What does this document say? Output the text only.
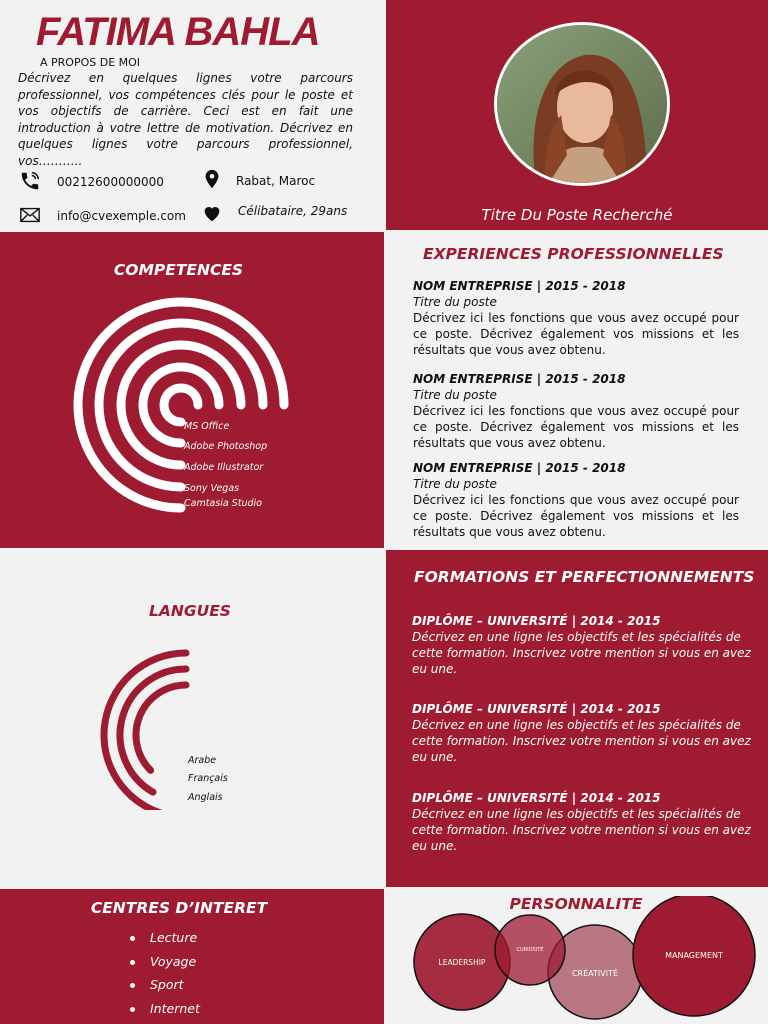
FATIMA BAHLA
A PROPOS DE MOI
Décrivez en quelques lignes votre parcours professionnel, vos compétences clés pour le poste et vos objectifs de carrière. Ceci est en fait une introduction à votre lettre de motivation. Décrivez en quelques lignes votre parcours professionnel, vos………..
00212600000000	Rabat, Maroc
info@cvexemple.com	Célibataire, 29ans	Titre Du Poste Recherché
COMPETENCES
MS Office
Adobe Photoshop
Adobe Illustrator
Sony Vegas
Camtasia Studio
EXPERIENCES PROFESSIONNELLES
NOM ENTREPRISE | 2015 - 2018
Titre du poste
Décrivez ici les fonctions que vous avez occupé pour ce poste. Décrivez également vos missions et les résultats que vous avez obtenu.
NOM ENTREPRISE | 2015 - 2018
Titre du poste
Décrivez ici les fonctions que vous avez occupé pour ce poste. Décrivez également vos missions et les résultats que vous avez obtenu.
NOM ENTREPRISE | 2015 - 2018
Titre du poste
Décrivez ici les fonctions que vous avez occupé pour ce poste. Décrivez également vos missions et les résultats que vous avez obtenu.
LANGUES
Arabe
Français
Anglais
FORMATIONS ET PERFECTIONNEMENTS
DIPLÔME – UNIVERSITÉ | 2014 - 2015
Décrivez en une ligne les objectifs et les spécialités de cette formation. Inscrivez votre mention si vous en avez eu une.
DIPLÔME – UNIVERSITÉ | 2014 - 2015
Décrivez en une ligne les objectifs et les spécialités de cette formation. Inscrivez votre mention si vous en avez eu une.
DIPLÔME – UNIVERSITÉ | 2014 - 2015
Décrivez en une ligne les objectifs et les spécialités de cette formation. Inscrivez votre mention si vous en avez eu une.
CENTRES D’INTERET
Lecture
Voyage
Sport
Internet
PERSONNALITE
LEADERSHIP
CURIOSITÉ
CRÉATIVITÉ
MANAGEMENT
